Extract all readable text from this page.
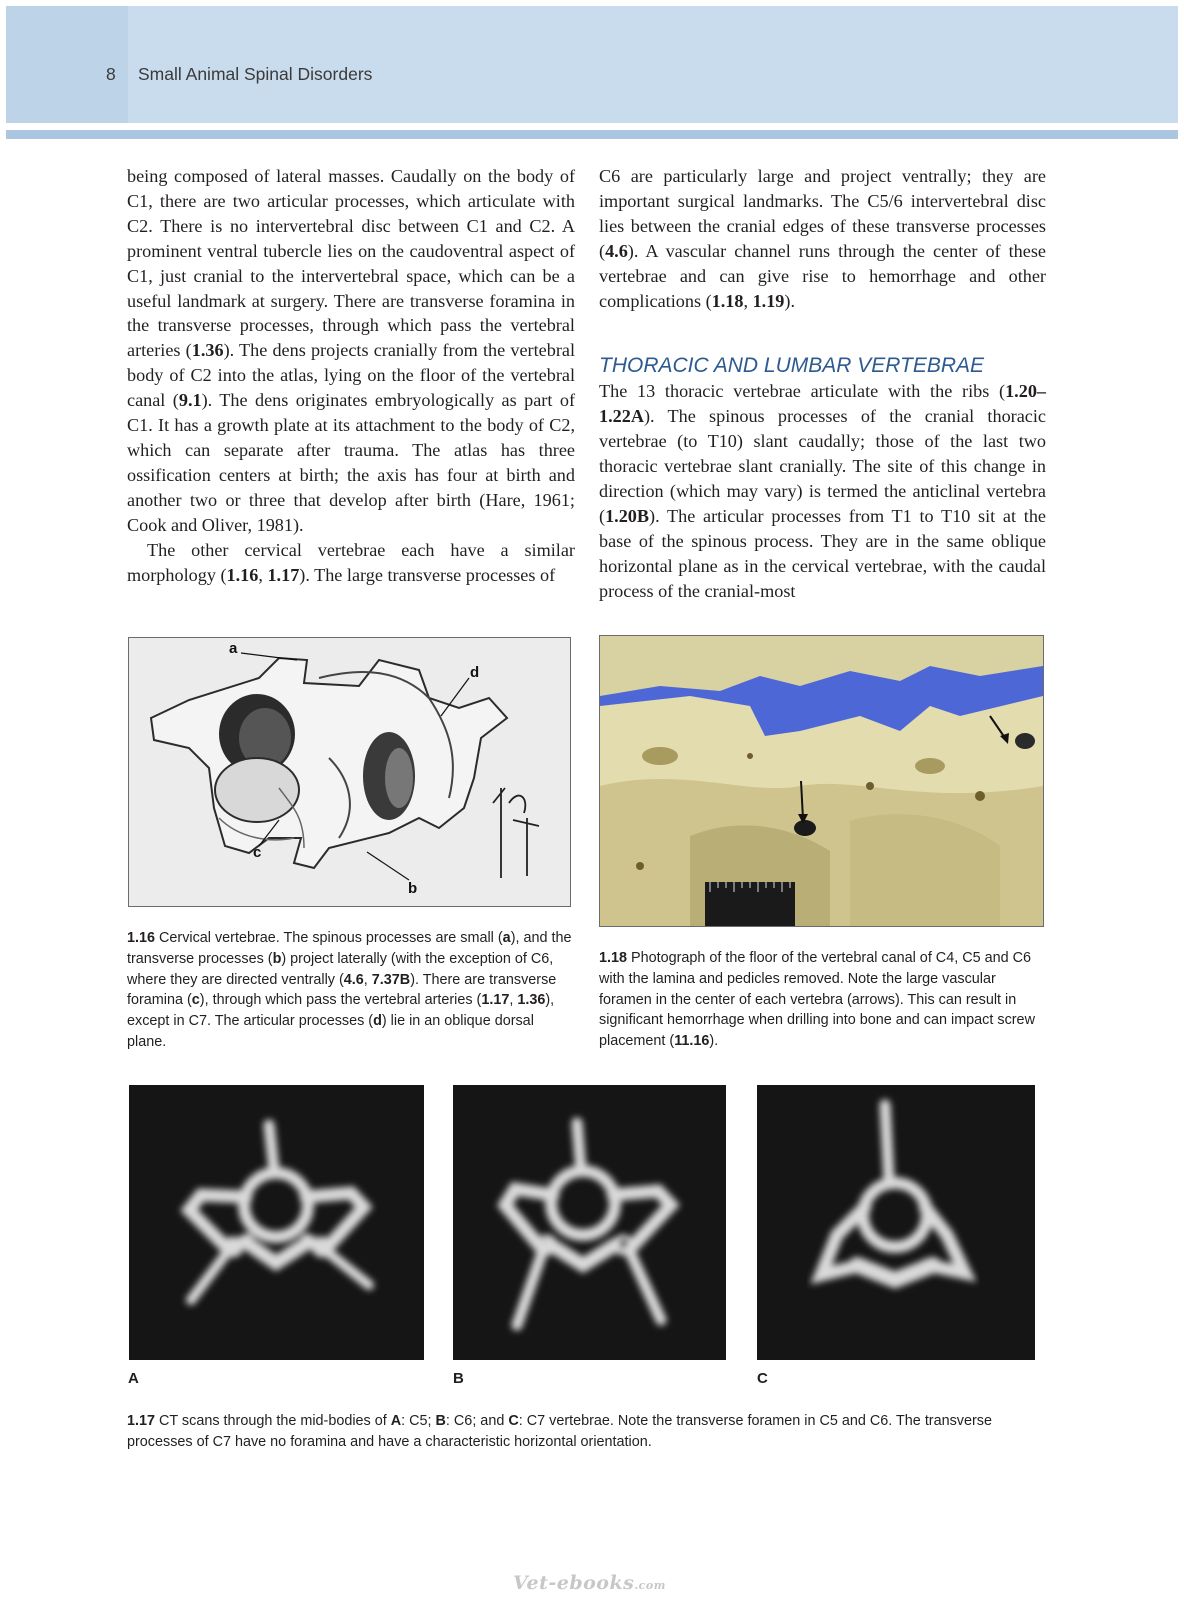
8 Small Animal Spinal Disorders

being composed of lateral masses. Caudally on the body of C1, there are two articular processes, which articulate with C2. There is no intervertebral disc between C1 and C2. A prominent ventral tubercle lies on the caudoventral aspect of C1, just cranial to the intervertebral space, which can be a useful landmark at surgery. There are transverse foramina in the transverse processes, through which pass the vertebral arteries (1.36). The dens projects cranially from the vertebral body of C2 into the atlas, lying on the floor of the vertebral canal (9.1). The dens originates embryologically as part of C1. It has a growth plate at its attachment to the body of C2, which can separate after trauma. The atlas has three ossification centers at birth; the axis has four at birth and another two or three that develop after birth (Hare, 1961; Cook and Oliver, 1981).

The other cervical vertebrae each have a similar morphology (1.16, 1.17). The large transverse processes of

C6 are particularly large and project ventrally; they are important surgical landmarks. The C5/6 intervertebral disc lies between the cranial edges of these transverse processes (4.6). A vascular channel runs through the center of these vertebrae and can give rise to hemorrhage and other complications (1.18, 1.19).

THORACIC AND LUMBAR VERTEBRAE

The 13 thoracic vertebrae articulate with the ribs (1.20–1.22A). The spinous processes of the cranial thoracic vertebrae (to T10) slant caudally; those of the last two thoracic vertebrae slant cranially. The site of this change in direction (which may vary) is termed the anticlinal vertebra (1.20B). The articular processes from T1 to T10 sit at the base of the spinous process. They are in the same oblique horizontal plane as in the cervical vertebrae, with the caudal process of the cranial-most

a
b
c
d
1.16 Cervical vertebrae. The spinous processes are small (a), and the transverse processes (b) project laterally (with the exception of C6, where they are directed ventrally (4.6, 7.37B). There are transverse foramina (c), through which pass the vertebral arteries (1.17, 1.36), except in C7. The articular processes (d) lie in an oblique dorsal plane.
1.18 Photograph of the floor of the vertebral canal of C4, C5 and C6 with the lamina and pedicles removed. Note the large vascular foramen in the center of each vertebra (arrows). This can result in significant hemorrhage when drilling into bone and can impact screw placement (11.16).
A	B	C
1.17 CT scans through the mid-bodies of A: C5; B: C6; and C: C7 vertebrae. Note the transverse foramen in C5 and C6. The transverse processes of C7 have no foramina and have a characteristic horizontal orientation.
Vet-ebooks.com
